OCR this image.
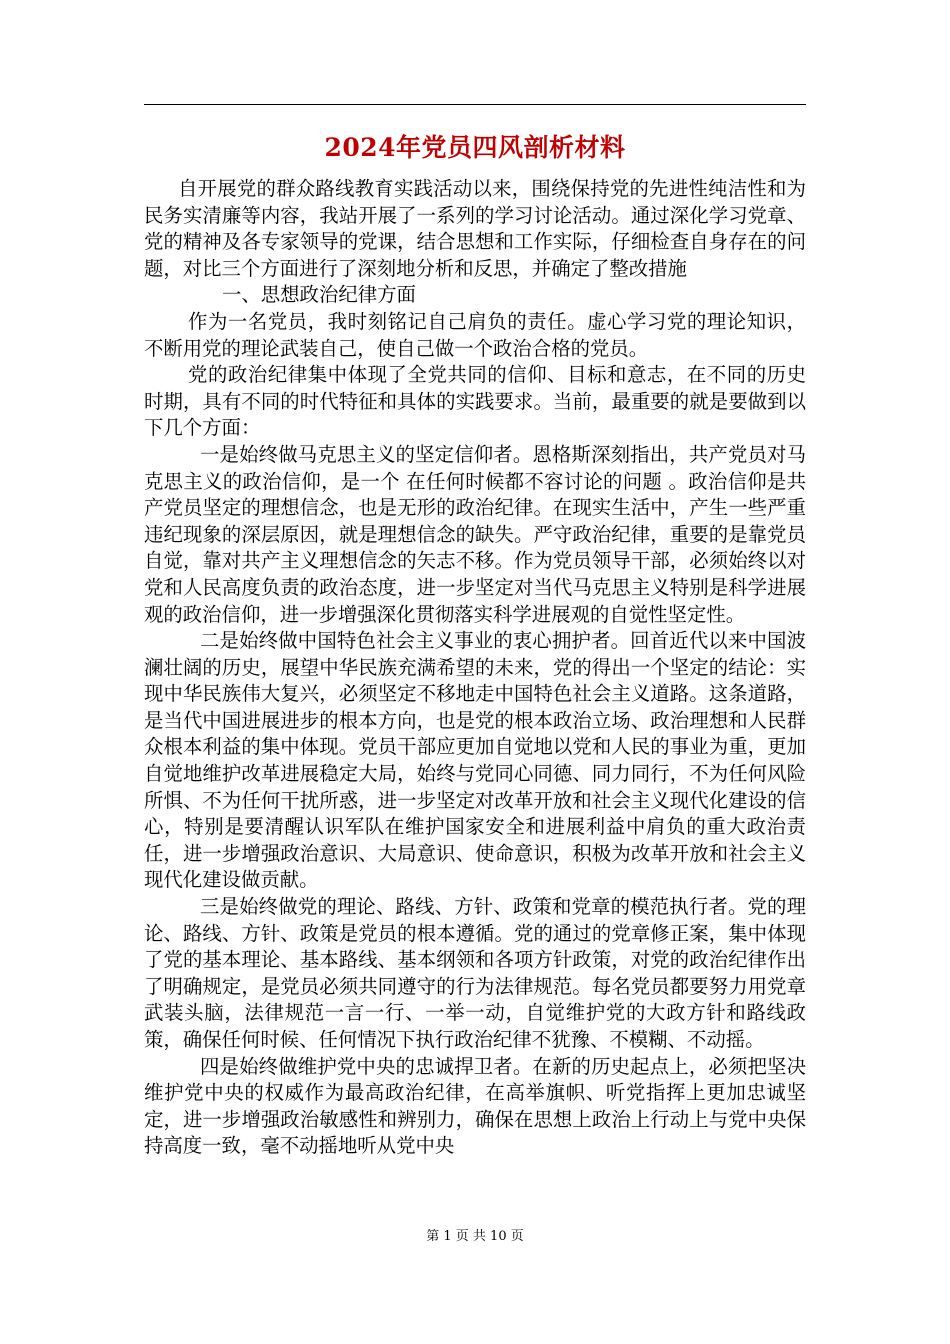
2024年党员四风剖析材料

自开展党的群众路线教育实践活动以来，围绕保持党的先进性纯洁性和为民务实清廉等内容，我站开展了一系列的学习讨论活动。通过深化学习党章、党的精神及各专家领导的党课，结合思想和工作实际，仔细检查自身存在的问题，对比三个方面进行了深刻地分析和反思，并确定了整改措施

一、思想政治纪律方面

作为一名党员，我时刻铭记自己肩负的责任。虚心学习党的理论知识，不断用党的理论武装自己，使自己做一个政治合格的党员。

党的政治纪律集中体现了全党共同的信仰、目标和意志，在不同的历史时期，具有不同的时代特征和具体的实践要求。当前，最重要的就是要做到以下几个方面：

一是始终做马克思主义的坚定信仰者。恩格斯深刻指出，共产党员对马克思主义的政治信仰，是一个 在任何时候都不容讨论的问题 。政治信仰是共产党员坚定的理想信念，也是无形的政治纪律。在现实生活中，产生一些严重违纪现象的深层原因，就是理想信念的缺失。严守政治纪律，重要的是靠党员自觉，靠对共产主义理想信念的矢志不移。作为党员领导干部，必须始终以对党和人民高度负责的政治态度，进一步坚定对当代马克思主义特别是科学进展观的政治信仰，进一步增强深化贯彻落实科学进展观的自觉性坚定性。

二是始终做中国特色社会主义事业的衷心拥护者。回首近代以来中国波澜壮阔的历史，展望中华民族充满希望的未来，党的得出一个坚定的结论：实现中华民族伟大复兴，必须坚定不移地走中国特色社会主义道路。这条道路，是当代中国进展进步的根本方向，也是党的根本政治立场、政治理想和人民群众根本利益的集中体现。党员干部应更加自觉地以党和人民的事业为重，更加自觉地维护改革进展稳定大局，始终与党同心同德、同力同行，不为任何风险所惧、不为任何干扰所惑，进一步坚定对改革开放和社会主义现代化建设的信心，特别是要清醒认识军队在维护国家安全和进展利益中肩负的重大政治责任，进一步增强政治意识、大局意识、使命意识，积极为改革开放和社会主义现代化建设做贡献。

三是始终做党的理论、路线、方针、政策和党章的模范执行者。党的理论、路线、方针、政策是党员的根本遵循。党的通过的党章修正案，集中体现了党的基本理论、基本路线、基本纲领和各项方针政策，对党的政治纪律作出了明确规定，是党员必须共同遵守的行为法律规范。每名党员都要努力用党章武装头脑，法律规范一言一行、一举一动，自觉维护党的大政方针和路线政策，确保任何时候、任何情况下执行政治纪律不犹豫、不模糊、不动摇。

四是始终做维护党中央的忠诚捍卫者。在新的历史起点上，必须把坚决维护党中央的权威作为最高政治纪律，在高举旗帜、听党指挥上更加忠诚坚定，进一步增强政治敏感性和辨别力，确保在思想上政治上行动上与党中央保持高度一致，毫不动摇地听从党中央

第 1 页 共 10 页
